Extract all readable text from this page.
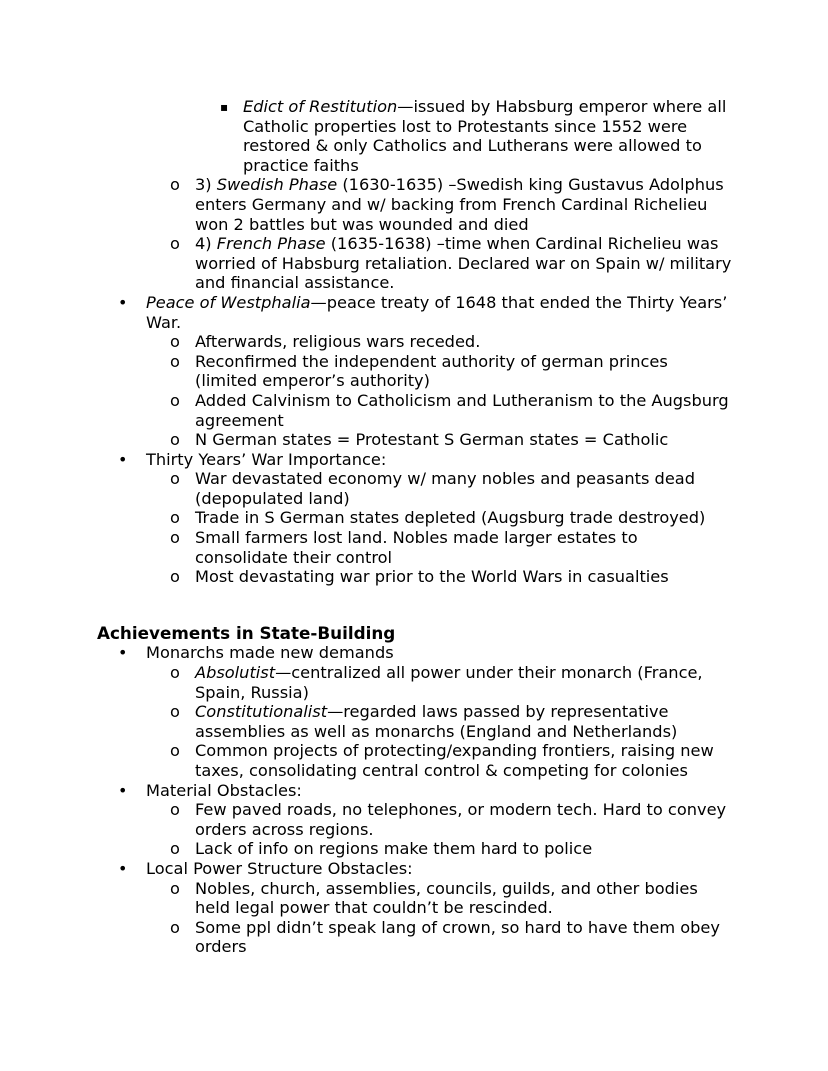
▪ Edict of Restitution—issued by Habsburg emperor where all Catholic properties lost to Protestants since 1552 were restored & only Catholics and Lutherans were allowed to practice faiths

o 3) Swedish Phase (1630-1635) –Swedish king Gustavus Adolphus enters Germany and w/ backing from French Cardinal Richelieu won 2 battles but was wounded and died

o 4) French Phase (1635-1638) –time when Cardinal Richelieu was worried of Habsburg retaliation. Declared war on Spain w/ military and financial assistance.

• Peace of Westphalia—peace treaty of 1648 that ended the Thirty Years’ War.

o Afterwards, religious wars receded.

o Reconfirmed the independent authority of german princes (limited emperor’s authority)

o Added Calvinism to Catholicism and Lutheranism to the Augsburg agreement

o N German states = Protestant S German states = Catholic

• Thirty Years’ War Importance:

o War devastated economy w/ many nobles and peasants dead (depopulated land)

o Trade in S German states depleted (Augsburg trade destroyed)

o Small farmers lost land. Nobles made larger estates to consolidate their control

o Most devastating war prior to the World Wars in casualties

Achievements in State-Building

• Monarchs made new demands

o Absolutist—centralized all power under their monarch (France, Spain, Russia)

o Constitutionalist—regarded laws passed by representative assemblies as well as monarchs (England and Netherlands)

o Common projects of protecting/expanding frontiers, raising new taxes, consolidating central control & competing for colonies

• Material Obstacles:

o Few paved roads, no telephones, or modern tech. Hard to convey orders across regions.

o Lack of info on regions make them hard to police

• Local Power Structure Obstacles:

o Nobles, church, assemblies, councils, guilds, and other bodies held legal power that couldn’t be rescinded.

o Some ppl didn’t speak lang of crown, so hard to have them obey orders
